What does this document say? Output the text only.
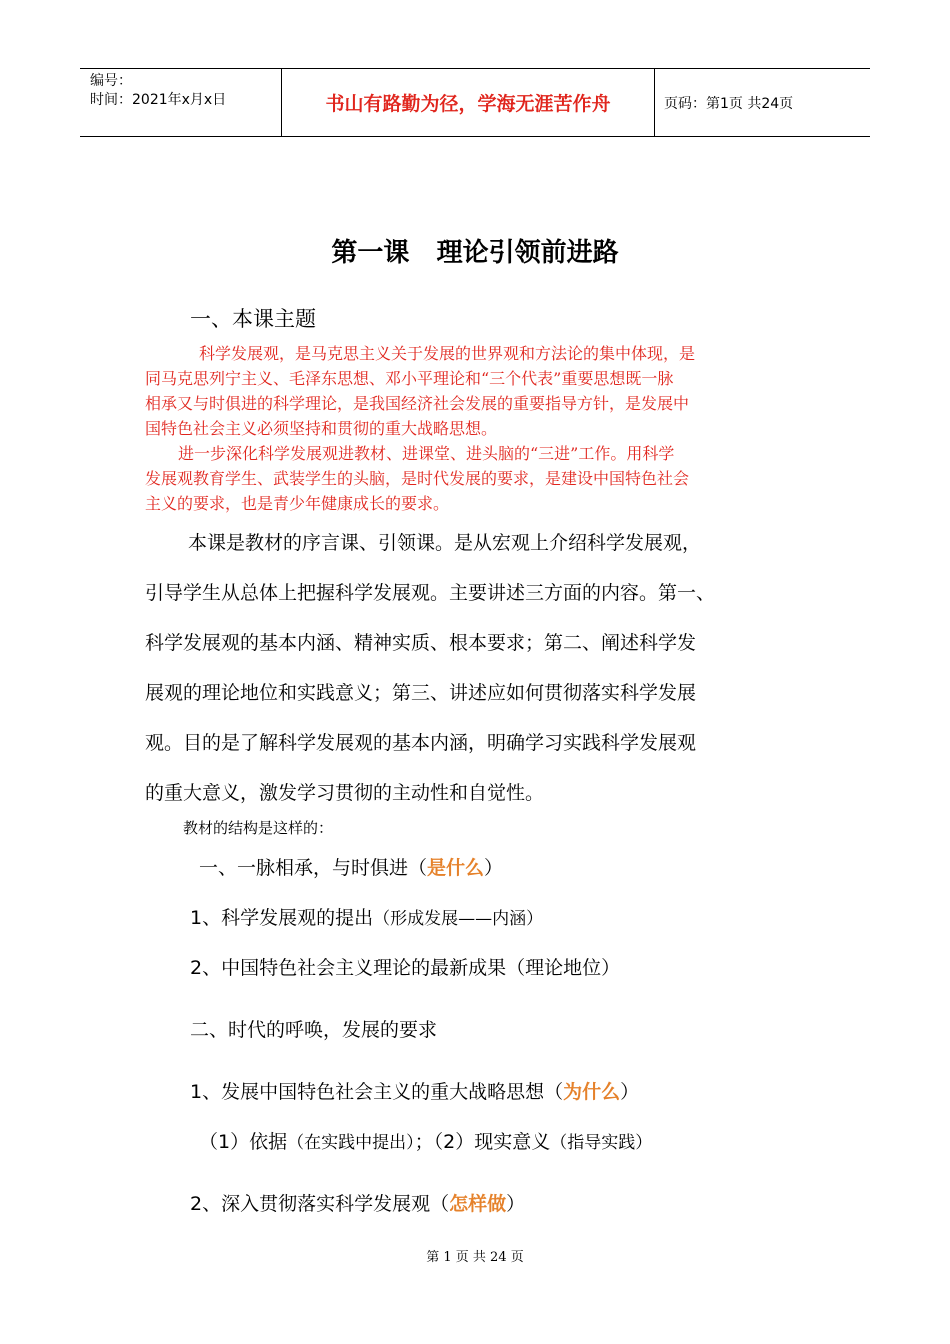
编号：
时间：2021年x月x日	书山有路勤为径，学海无涯苦作舟	页码：第1页 共24页
第一课   理论引领前进路
一、本课主题
科学发展观，是马克思主义关于发展的世界观和方法论的集中体现，是
同马克思列宁主义、毛泽东思想、邓小平理论和“三个代表”重要思想既一脉
相承又与时俱进的科学理论，是我国经济社会发展的重要指导方针，是发展中
国特色社会主义必须坚持和贯彻的重大战略思想。
进一步深化科学发展观进教材、进课堂、进头脑的“三进”工作。用科学
发展观教育学生、武装学生的头脑，是时代发展的要求，是建设中国特色社会
主义的要求，也是青少年健康成长的要求。
本课是教材的序言课、引领课。是从宏观上介绍科学发展观，
引导学生从总体上把握科学发展观。主要讲述三方面的内容。第一、
科学发展观的基本内涵、精神实质、根本要求；第二、阐述科学发
展观的理论地位和实践意义；第三、讲述应如何贯彻落实科学发展
观。目的是了解科学发展观的基本内涵，明确学习实践科学发展观
的重大意义，激发学习贯彻的主动性和自觉性。
教材的结构是这样的：
一、一脉相承，与时俱进（是什么）
1、科学发展观的提出（形成发展——内涵）
2、中国特色社会主义理论的最新成果（理论地位）
二、时代的呼唤，发展的要求
1、发展中国特色社会主义的重大战略思想（为什么）
（1）依据（在实践中提出）；（2）现实意义（指导实践）
2、深入贯彻落实科学发展观（怎样做）
第 1 页 共 24 页
